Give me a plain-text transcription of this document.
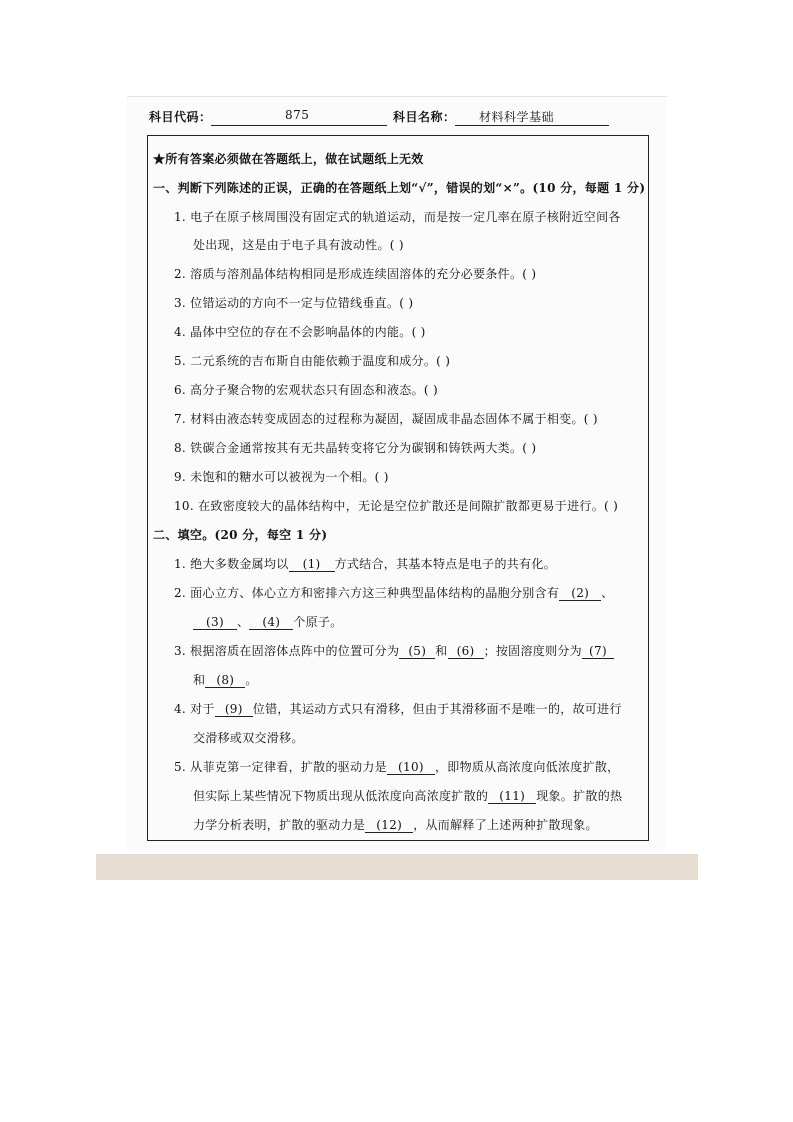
科目代码：	875	科目名称： 材料科学基础
★所有答案必须做在答题纸上，做在试题纸上无效
一、判断下列陈述的正误，正确的在答题纸上划“√”，错误的划“×”。(10 分，每题 1 分)
1. 电子在原子核周围没有固定式的轨道运动，而是按一定几率在原子核附近空间各
处出现，这是由于电子具有波动性。( )
2. 溶质与溶剂晶体结构相同是形成连续固溶体的充分必要条件。( )
3. 位错运动的方向不一定与位错线垂直。( )
4. 晶体中空位的存在不会影响晶体的内能。( )
5. 二元系统的吉布斯自由能依赖于温度和成分。( )
6. 高分子聚合物的宏观状态只有固态和液态。( )
7. 材料由液态转变成固态的过程称为凝固，凝固成非晶态固体不属于相变。( )
8. 铁碳合金通常按其有无共晶转变将它分为碳钢和铸铁两大类。( )
9. 未饱和的糖水可以被视为一个相。( )
10. 在致密度较大的晶体结构中，无论是空位扩散还是间隙扩散都更易于进行。( )
二、填空。(20 分，每空 1 分)
1. 绝大多数金属均以 (1) 方式结合，其基本特点是电子的共有化。
2. 面心立方、体心立方和密排六方这三种典型晶体结构的晶胞分别含有 (2) 、
(3) 、 (4) 个原子。
3. 根据溶质在固溶体点阵中的位置可分为 (5) 和 (6) ；按固溶度则分为 (7)
和 (8) 。
4. 对于 (9) 位错，其运动方式只有滑移，但由于其滑移面不是唯一的，故可进行
交滑移或双交滑移。
5. 从菲克第一定律看，扩散的驱动力是 (10) ，即物质从高浓度向低浓度扩散，
但实际上某些情况下物质出现从低浓度向高浓度扩散的 (11) 现象。扩散的热
力学分析表明，扩散的驱动力是 (12) ，从而解释了上述两种扩散现象。
